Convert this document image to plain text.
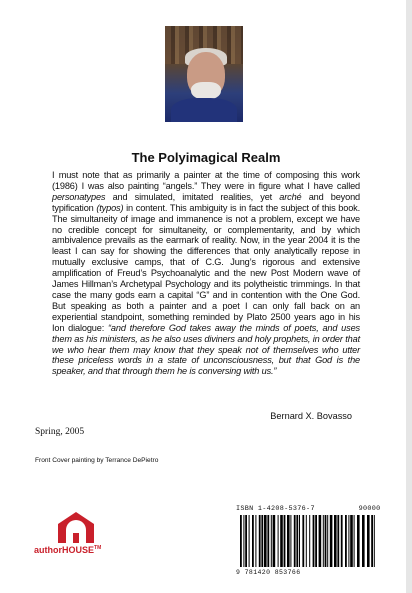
The Polyimagical Realm
I must note that as primarily a painter at the time of composing this work (1986) I was also painting “angels.” They were in figure what I have called personatypes and simulated, imitated realities, yet arché and beyond typification (typos) in content. This ambiguity is in fact the subject of this book. The simultaneity of image and immanence is not a problem, except we have no credible concept for simultaneity, or complementarity, and by which ambivalence prevails as the earmark of reality. Now, in the year 2004 it is the least I can say for showing the differences that only analytically repose in mutually exclusive camps, that of C.G. Jung’s rigorous and extensive amplification of Freud’s Psychoanalytic and the new Post Modern wave of James Hillman’s Archetypal Psychology and its polytheistic trimmings. In that case the many gods earn a capital “G” and in contention with the One God. But speaking as both a painter and a poet I can only fall back on an experiential standpoint, something reminded by Plato 2500 years ago in his Ion dialogue: “and therefore God takes away the minds of poets, and uses them as his ministers, as he also uses diviners and holy prophets, in order that we who hear them may know that they speak not of themselves who utter these priceless words in a state of unconsciousness, but that God is the speaker, and that through them he is conversing with us.”
Bernard X. Bovasso
Spring, 2005
Front Cover painting by Terrance DePietro
authorHOUSE™
ISBN 1-4208-5376-7	90000
9 781420 853766
